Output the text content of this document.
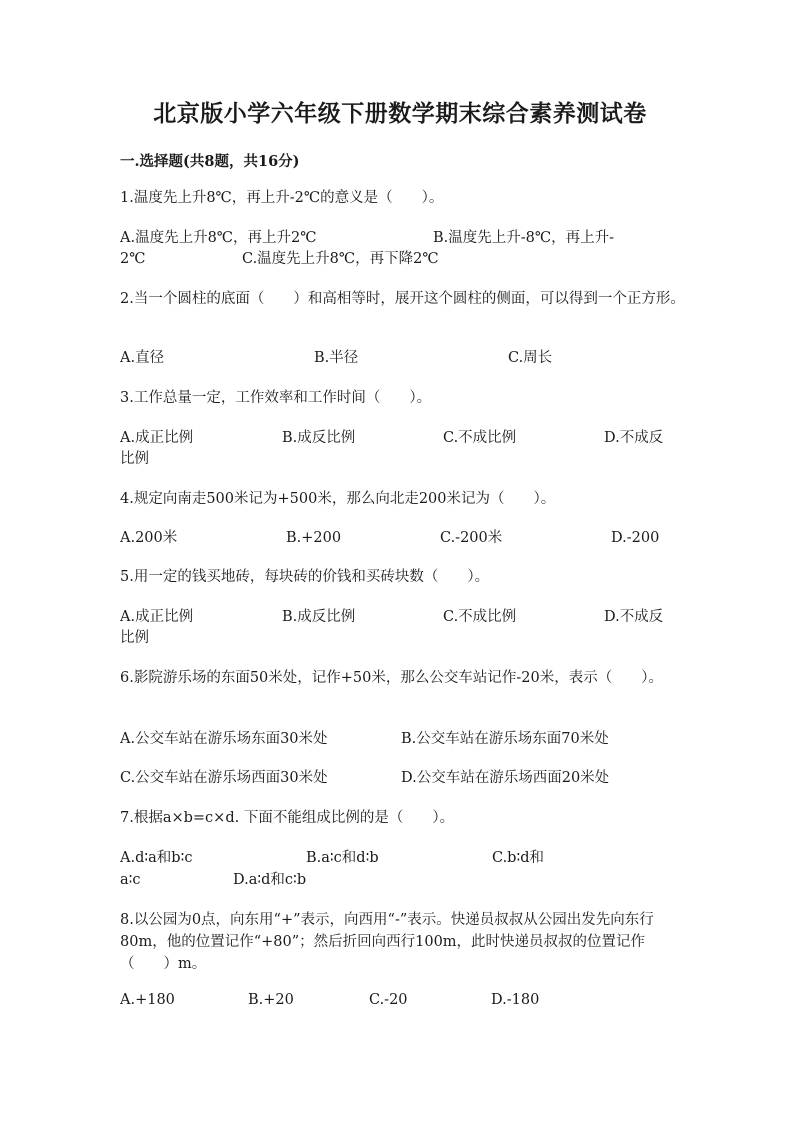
北京版小学六年级下册数学期末综合素养测试卷
一.选择题(共8题，共16分)
1.温度先上升8℃，再上升-2℃的意义是（　　）。
A.温度先上升8℃，再上升2℃	B.温度先上升-8℃，再上升-
2℃	C.温度先上升8℃，再下降2℃
2.当一个圆柱的底面（　　）和高相等时，展开这个圆柱的侧面，可以得到一个正方形。
A.直径	B.半径	C.周长
3.工作总量一定，工作效率和工作时间（　　）。
A.成正比例	B.成反比例	C.不成比例	D.不成反
比例
4.规定向南走500米记为+500米，那么向北走200米记为（　　）。
A.200米	B.+200	C.-200米	D.-200
5.用一定的钱买地砖，每块砖的价钱和买砖块数（　　）。
A.成正比例	B.成反比例	C.不成比例	D.不成反
比例
6.影院游乐场的东面50米处，记作+50米，那么公交车站记作-20米，表示（　　）。
A.公交车站在游乐场东面30米处	B.公交车站在游乐场东面70米处
C.公交车站在游乐场西面30米处	D.公交车站在游乐场西面20米处
7.根据a×b=c×d. 下面不能组成比例的是（　　）。
A.d∶a和b∶c	B.a∶c和d∶b	C.b∶d和
a∶c	D.a∶d和c∶b
8.以公园为0点，向东用“+”表示，向西用“-”表示。快递员叔叔从公园出发先向东行80m，他的位置记作“+80”；然后折回向西行100m，此时快递员叔叔的位置记作（　　）m。
A.+180	B.+20	C.-20	D.-180
